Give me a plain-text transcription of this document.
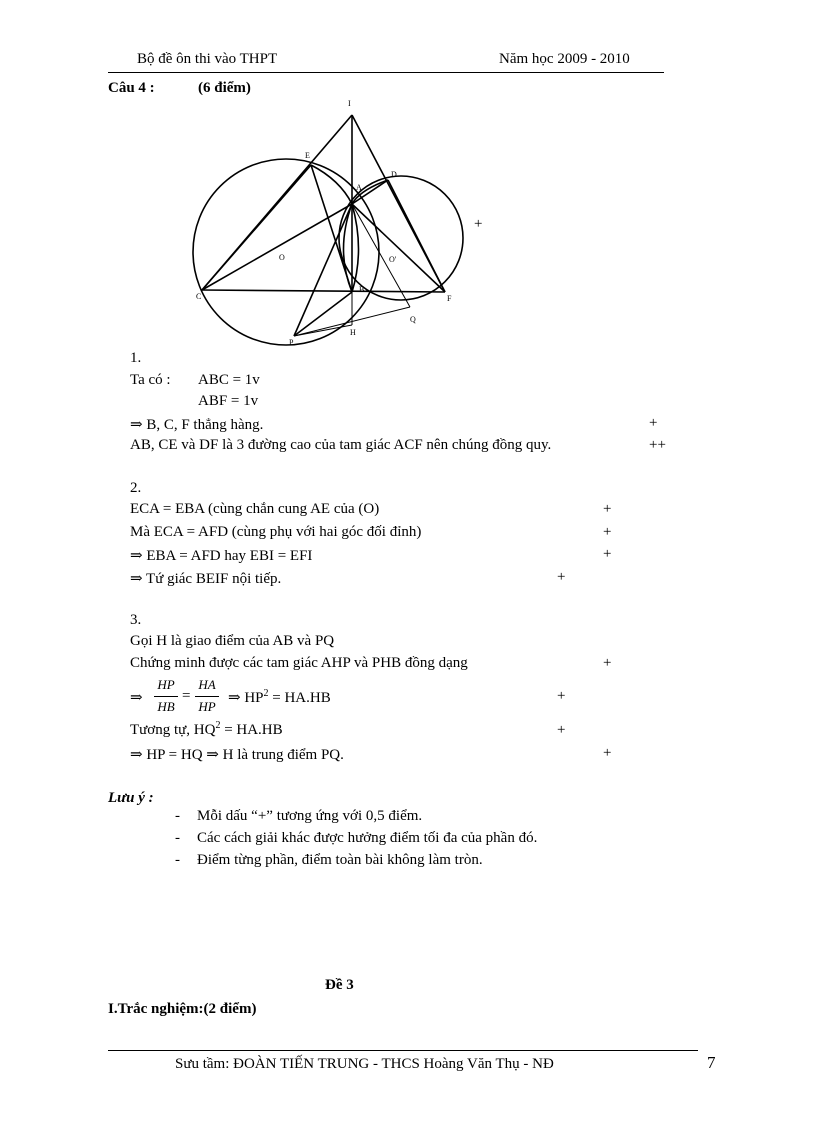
Bộ đề ôn thi vào THPT	Năm học 2009 - 2010
Câu 4 :	(6 điểm)
I
E
D
A
O	O'
C
B
F
Q
H
P
+
1.
Ta có : ABC = 1v
ABF = 1v
⇒ B, C, F thẳng hàng.	+
AB, CE và DF là 3 đường cao của tam giác ACF nên chúng đồng quy.	++
2.
ECA = EBA (cùng chắn cung AE của (O)	+
Mà ECA = AFD (cùng phụ với hai góc đối đỉnh)	+
⇒ EBA = AFD hay EBI = EFI	+
⇒ Tứ giác BEIF nội tiếp.	+
3.
Gọi H là giao điểm của AB và PQ
Chứng minh được các tam giác AHP và PHB đồng dạng	+
⇒
HP
HB
=
HA
HP
⇒ $HP^2 = HA.HB$	+
Tương tự, $HQ^2 = HA.HB$	+
⇒ HP = HQ ⇒ H là trung điểm PQ.	+
Lưu ý :
- Mỗi dấu “+” tương ứng với 0,5 điểm.
- Các cách giải khác được hưởng điểm tối đa của phần đó.
- Điểm từng phần, điểm toàn bài không làm tròn.
Đề 3
I.Trắc nghiệm:(2 điểm)
Sưu tầm: ĐOÀN TIẾN TRUNG - THCS Hoàng Văn Thụ - NĐ	7
